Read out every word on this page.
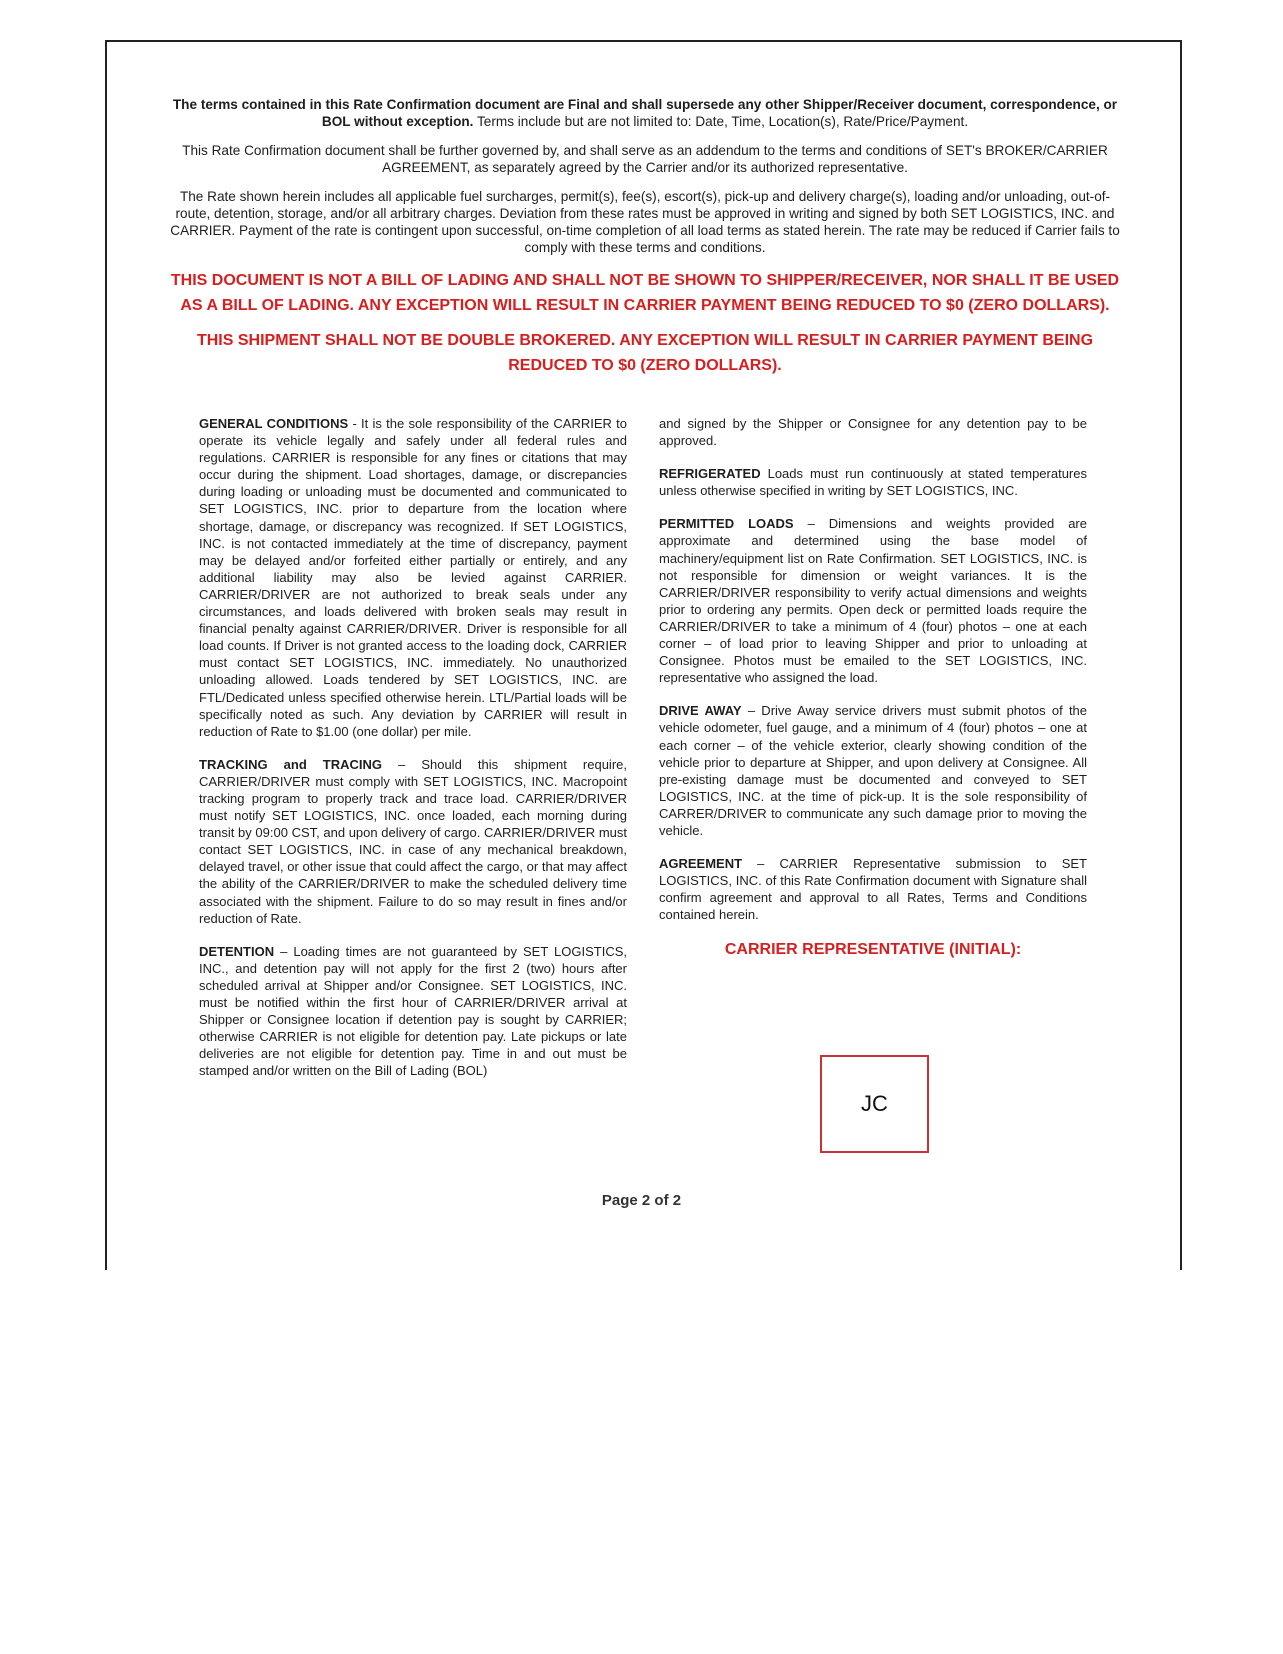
The terms contained in this Rate Confirmation document are Final and shall supersede any other Shipper/Receiver document, correspondence, or BOL without exception. Terms include but are not limited to: Date, Time, Location(s), Rate/Price/Payment.

This Rate Confirmation document shall be further governed by, and shall serve as an addendum to the terms and conditions of SET's BROKER/CARRIER AGREEMENT, as separately agreed by the Carrier and/or its authorized representative.

The Rate shown herein includes all applicable fuel surcharges, permit(s), fee(s), escort(s), pick-up and delivery charge(s), loading and/or unloading, out-of-route, detention, storage, and/or all arbitrary charges. Deviation from these rates must be approved in writing and signed by both SET LOGISTICS, INC. and CARRIER. Payment of the rate is contingent upon successful, on-time completion of all load terms as stated herein. The rate may be reduced if Carrier fails to comply with these terms and conditions.

THIS DOCUMENT IS NOT A BILL OF LADING AND SHALL NOT BE SHOWN TO SHIPPER/RECEIVER, NOR SHALL IT BE USED AS A BILL OF LADING. ANY EXCEPTION WILL RESULT IN CARRIER PAYMENT BEING REDUCED TO $0 (ZERO DOLLARS).

THIS SHIPMENT SHALL NOT BE DOUBLE BROKERED. ANY EXCEPTION WILL RESULT IN CARRIER PAYMENT BEING REDUCED TO $0 (ZERO DOLLARS).

GENERAL CONDITIONS - It is the sole responsibility of the CARRIER to operate its vehicle legally and safely under all federal rules and regulations. CARRIER is responsible for any fines or citations that may occur during the shipment. Load shortages, damage, or discrepancies during loading or unloading must be documented and communicated to SET LOGISTICS, INC. prior to departure from the location where shortage, damage, or discrepancy was recognized. If SET LOGISTICS, INC. is not contacted immediately at the time of discrepancy, payment may be delayed and/or forfeited either partially or entirely, and any additional liability may also be levied against CARRIER. CARRIER/DRIVER are not authorized to break seals under any circumstances, and loads delivered with broken seals may result in financial penalty against CARRIER/DRIVER. Driver is responsible for all load counts. If Driver is not granted access to the loading dock, CARRIER must contact SET LOGISTICS, INC. immediately. No unauthorized unloading allowed. Loads tendered by SET LOGISTICS, INC. are FTL/Dedicated unless specified otherwise herein. LTL/Partial loads will be specifically noted as such. Any deviation by CARRIER will result in reduction of Rate to $1.00 (one dollar) per mile.
TRACKING and TRACING – Should this shipment require, CARRIER/DRIVER must comply with SET LOGISTICS, INC. Macropoint tracking program to properly track and trace load. CARRIER/DRIVER must notify SET LOGISTICS, INC. once loaded, each morning during transit by 09:00 CST, and upon delivery of cargo. CARRIER/DRIVER must contact SET LOGISTICS, INC. in case of any mechanical breakdown, delayed travel, or other issue that could affect the cargo, or that may affect the ability of the CARRIER/DRIVER to make the scheduled delivery time associated with the shipment. Failure to do so may result in fines and/or reduction of Rate.
DETENTION – Loading times are not guaranteed by SET LOGISTICS, INC., and detention pay will not apply for the first 2 (two) hours after scheduled arrival at Shipper and/or Consignee. SET LOGISTICS, INC. must be notified within the first hour of CARRIER/DRIVER arrival at Shipper or Consignee location if detention pay is sought by CARRIER; otherwise CARRIER is not eligible for detention pay. Late pickups or late deliveries are not eligible for detention pay. Time in and out must be stamped and/or written on the Bill of Lading (BOL)
and signed by the Shipper or Consignee for any detention pay to be approved.
REFRIGERATED Loads must run continuously at stated temperatures unless otherwise specified in writing by SET LOGISTICS, INC.
PERMITTED LOADS – Dimensions and weights provided are approximate and determined using the base model of machinery/equipment list on Rate Confirmation. SET LOGISTICS, INC. is not responsible for dimension or weight variances. It is the CARRIER/DRIVER responsibility to verify actual dimensions and weights prior to ordering any permits. Open deck or permitted loads require the CARRIER/DRIVER to take a minimum of 4 (four) photos – one at each corner – of load prior to leaving Shipper and prior to unloading at Consignee. Photos must be emailed to the SET LOGISTICS, INC. representative who assigned the load.
DRIVE AWAY – Drive Away service drivers must submit photos of the vehicle odometer, fuel gauge, and a minimum of 4 (four) photos – one at each corner – of the vehicle exterior, clearly showing condition of the vehicle prior to departure at Shipper, and upon delivery at Consignee. All pre-existing damage must be documented and conveyed to SET LOGISTICS, INC. at the time of pick-up. It is the sole responsibility of CARRER/DRIVER to communicate any such damage prior to moving the vehicle.
AGREEMENT – CARRIER Representative submission to SET LOGISTICS, INC. of this Rate Confirmation document with Signature shall confirm agreement and approval to all Rates, Terms and Conditions contained herein.
CARRIER REPRESENTATIVE (INITIAL):
JC
Page 2 of 2
